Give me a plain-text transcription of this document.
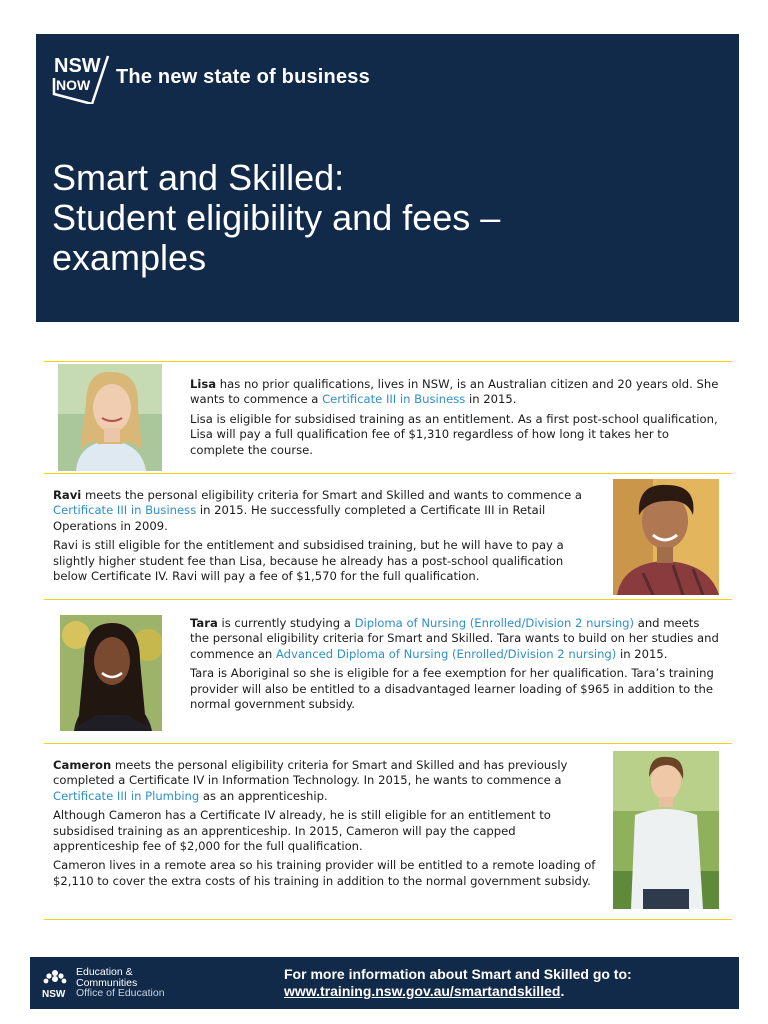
NSW
NOW The new state of business
Smart and Skilled:
Student eligibility and fees –
examples

Lisa has no prior qualifications, lives in NSW, is an Australian citizen and 20 years old. She wants to commence a Certificate III in Business in 2015.

Lisa is eligible for subsidised training as an entitlement. As a first post-school qualification, Lisa will pay a full qualification fee of $1,310 regardless of how long it takes her to complete the course.

Ravi meets the personal eligibility criteria for Smart and Skilled and wants to commence a Certificate III in Business in 2015. He successfully completed a Certificate III in Retail Operations in 2009.

Ravi is still eligible for the entitlement and subsidised training, but he will have to pay a slightly higher student fee than Lisa, because he already has a post-school qualification below Certificate IV. Ravi will pay a fee of $1,570 for the full qualification.

Tara is currently studying a Diploma of Nursing (Enrolled/Division 2 nursing) and meets the personal eligibility criteria for Smart and Skilled. Tara wants to build on her studies and commence an Advanced Diploma of Nursing (Enrolled/Division 2 nursing) in 2015.

Tara is Aboriginal so she is eligible for a fee exemption for her qualification. Tara’s training provider will also be entitled to a disadvantaged learner loading of $965 in addition to the normal government subsidy.

Cameron meets the personal eligibility criteria for Smart and Skilled and has previously completed a Certificate IV in Information Technology. In 2015, he wants to commence a Certificate III in Plumbing as an apprenticeship.

Although Cameron has a Certificate IV already, he is still eligible for an entitlement to subsidised training as an apprenticeship. In 2015, Cameron will pay the capped apprenticeship fee of $2,000 for the full qualification.

Cameron lives in a remote area so his training provider will be entitled to a remote loading of $2,110 to cover the extra costs of his training in addition to the normal government subsidy.

NSW
Education &
Communities
Office of Education
For more information about Smart and Skilled go to:
www.training.nsw.gov.au/smartandskilled.
